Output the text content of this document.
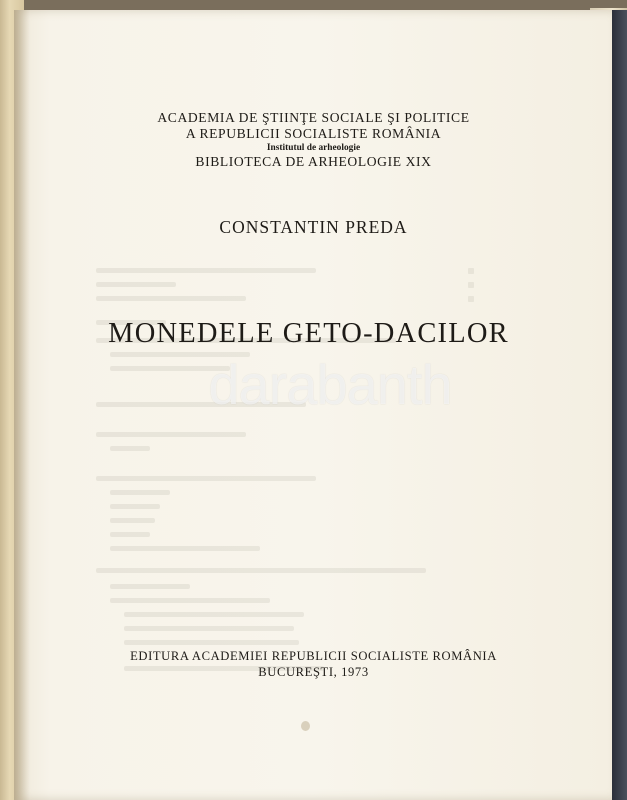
darabanth
ACADEMIA DE ŞTIINŢE SOCIALE ŞI POLITICE
A REPUBLICII SOCIALISTE ROMÂNIA
Institutul de arheologie
BIBLIOTECA DE ARHEOLOGIE XIX
CONSTANTIN PREDA
MONEDELE GETO-DACILOR
EDITURA ACADEMIEI REPUBLICII SOCIALISTE ROMÂNIA
BUCUREŞTI, 1973
